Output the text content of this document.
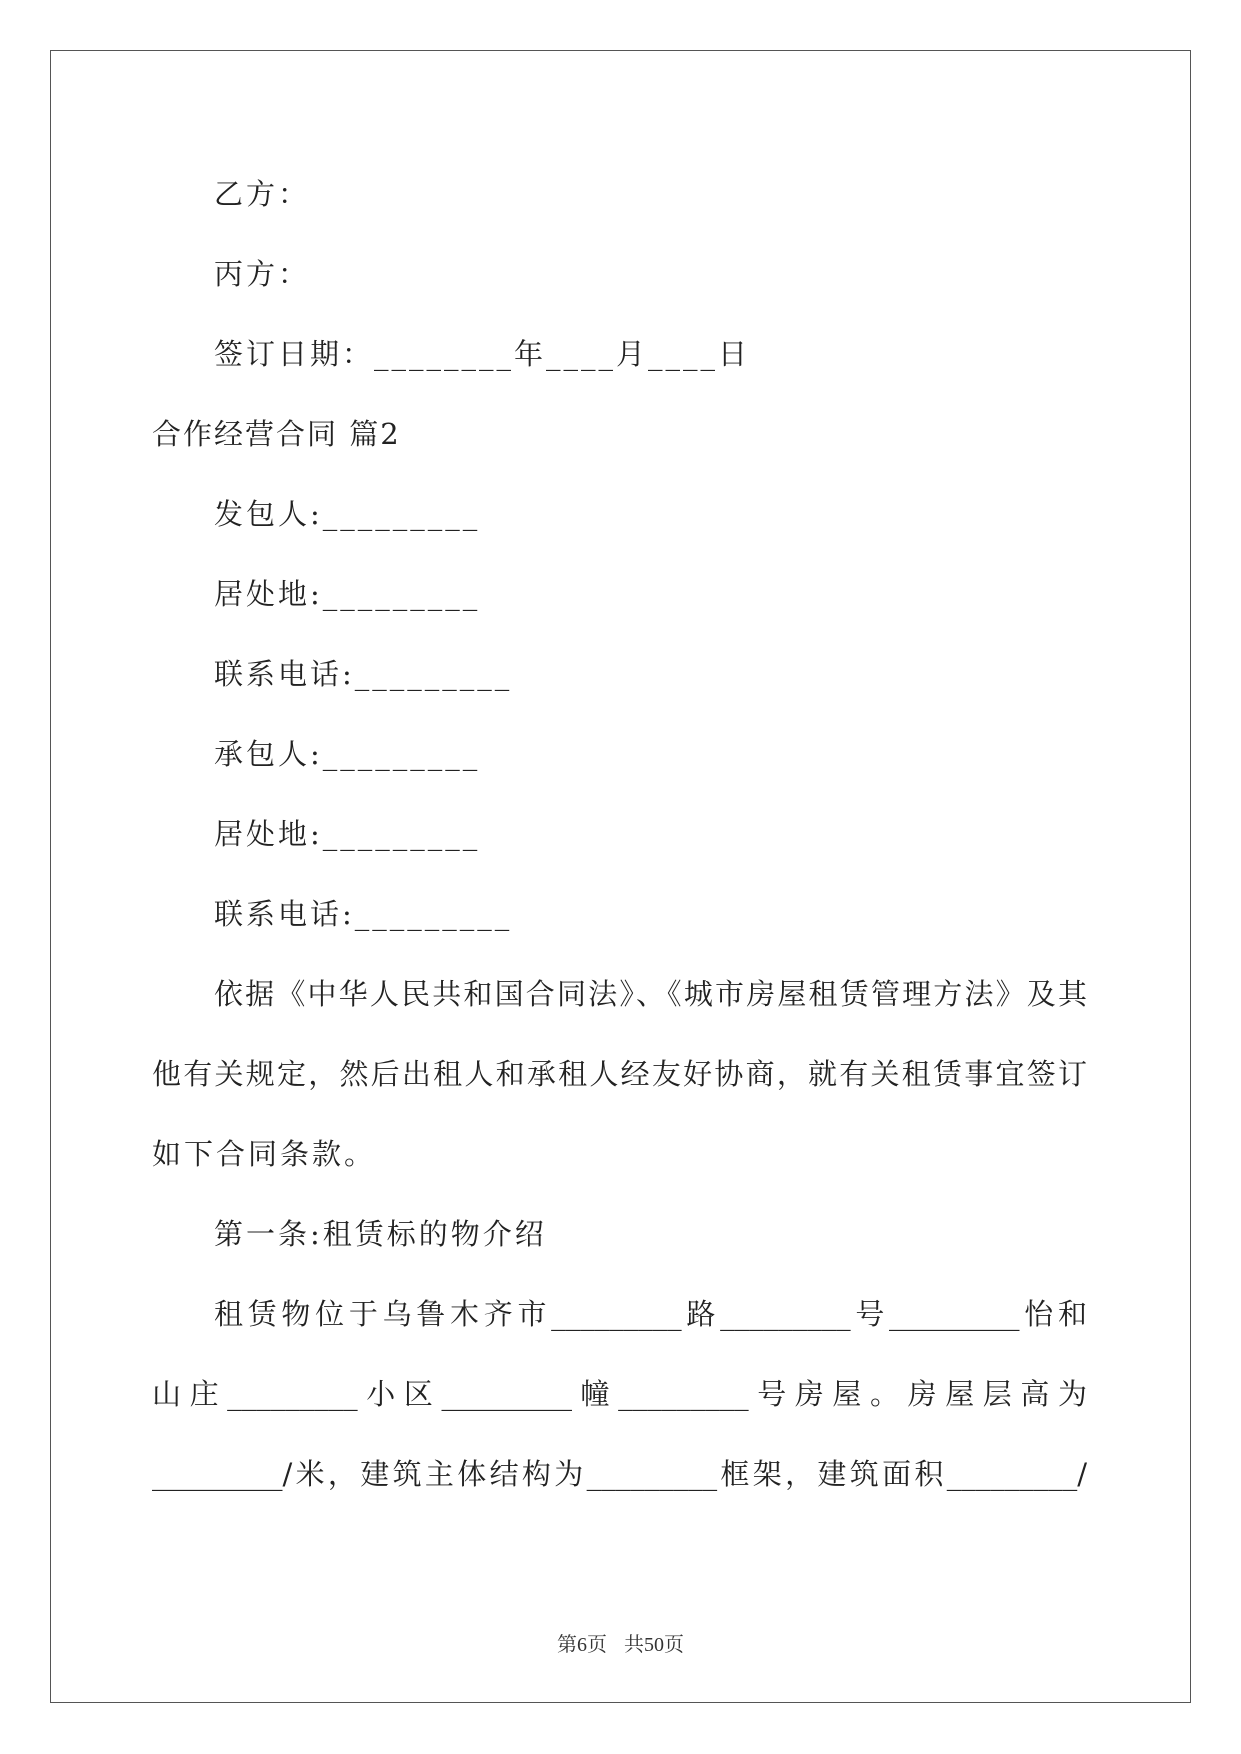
乙方：
丙方：
签订日期：________年____月____日
合作经营合同 篇2
发包人:_________
居处地:_________
联系电话:_________
承包人:_________
居处地:_________
联系电话:_________
依据《中华人民共和国合同法》、《城市房屋租赁管理方法》及其
他有关规定，然后出租人和承租人经友好协商，就有关租赁事宜签订
如下合同条款。
第一条:租赁标的物介绍
租赁物位于乌鲁木齐市_________路_________号_________怡和
山庄_________小区_________幢_________号房屋。房屋层高为
_________/米，建筑主体结构为_________框架，建筑面积_________/
第6页 共50页
